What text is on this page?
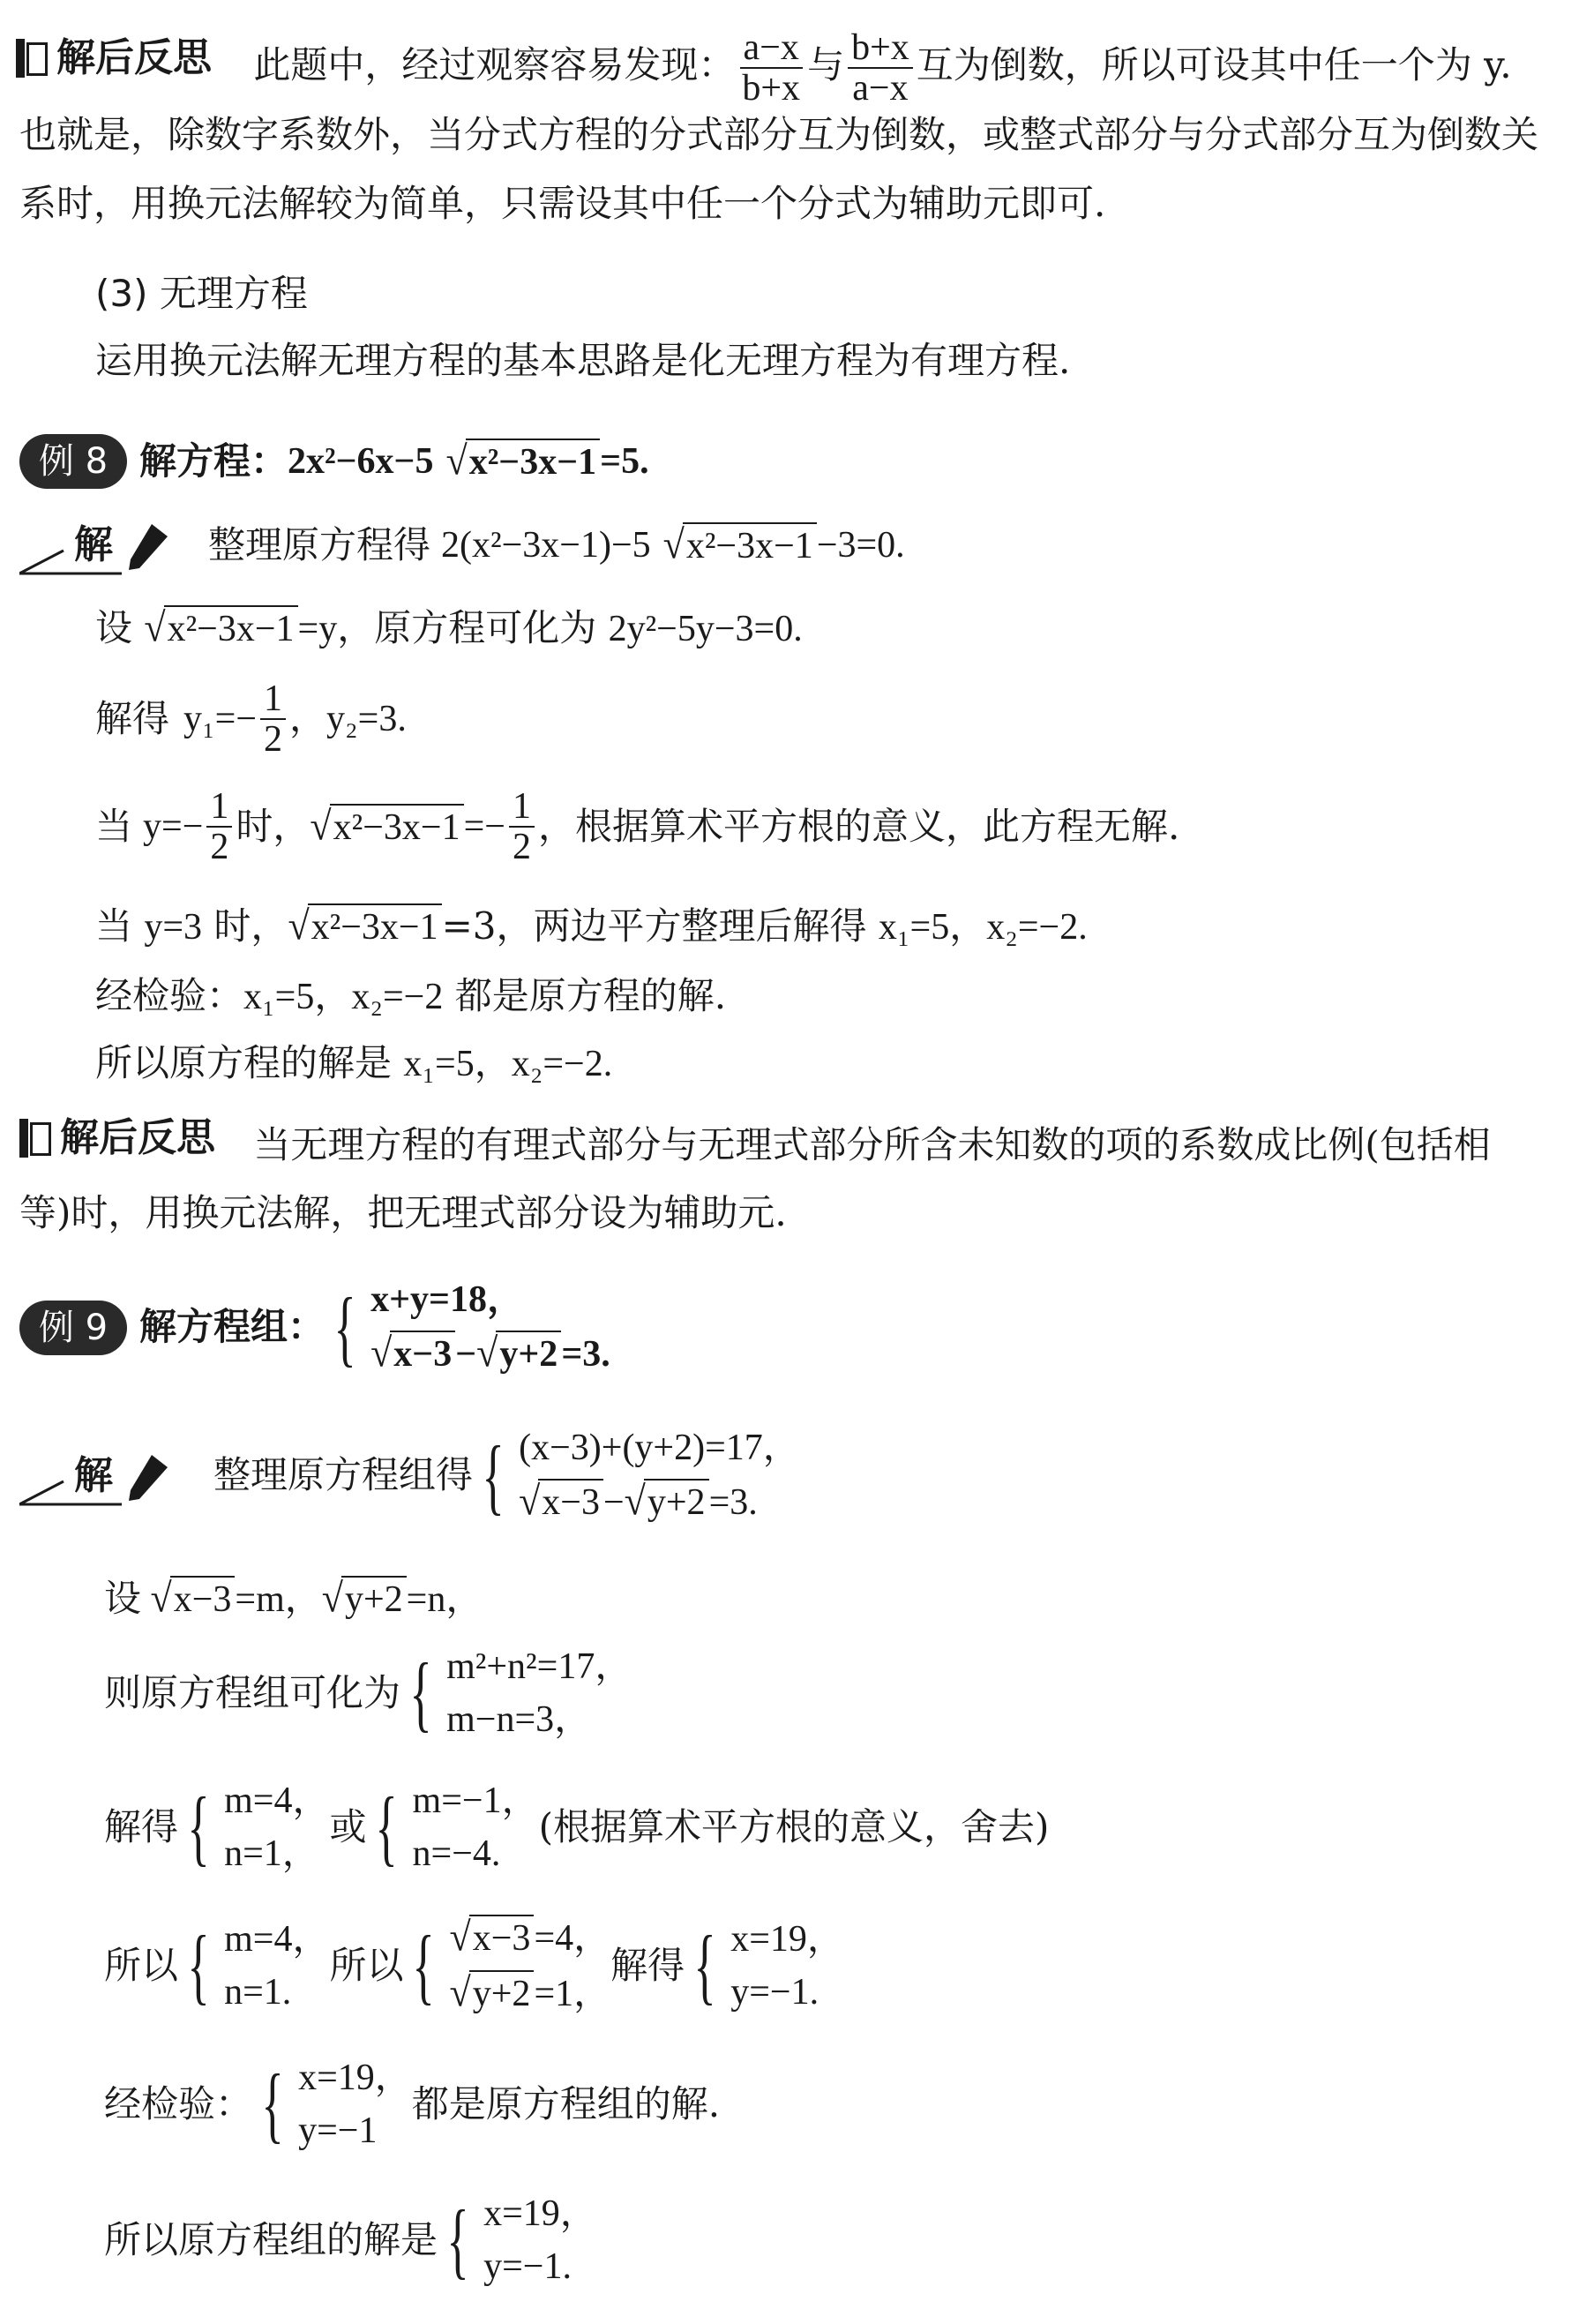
解后反思 此题中，经过观察容易发现： $\frac{a-x}{b+x}$ 与 $\frac{b+x}{a-x}$ 互为倒数，所以可设其中任一个为 y.
也就是，除数字系数外，当分式方程的分式部分互为倒数，或整式部分与分式部分互为倒数关
系时，用换元法解较为简单，只需设其中任一个分式为辅助元即可.
(3) 无理方程
运用换元法解无理方程的基本思路是化无理方程为有理方程.
例 8 解方程： 2x²−6x−5 √ x²−3x−1 =5.
解	整理原方程得 2(x²−3x−1)−5 √ x²−3x−1 −3=0.
设 √ x²−3x−1 =y，原方程可化为 2y²−5y−3=0.
解得 $y_1=- \frac{1}{2}$ ，y₂=3.
当 $y=- \frac{1}{2}$ 时， √ $x^2-3x-1 =- \frac{1}{2}$ ，根据算术平方根的意义，此方程无解.
当 y=3 时， √ x²−3x−1 =3，两边平方整理后解得 x₁=5，x₂=−2.
经检验：x₁=5，x₂=−2 都是原方程的解.
所以原方程的解是 x₁=5，x₂=−2.
解后反思 当无理方程的有理式部分与无理式部分所含未知数的项的系数成比例(包括相
等)时，用换元法解，把无理式部分设为辅助元.
例 9 解方程组： { x+y=18，
√ x−3 − √ y+2 =3.
解	整理原方程组得 { (x−3)+(y+2)=17，
√ x−3 − √ y+2 =3.
设 √ x−3 =m， √ y+2 =n，
则原方程组可化为 { m²+n²=17，
m−n=3，
解得 { m=4，
n=1，
或 { m=−1，
n=−4.
(根据算术平方根的意义，舍去)
所以 { m=4，
n=1.
所以 { √ x−3 =4，
√ y+2 =1，
解得 { x=19，
y=−1.
经检验： { x=19，
y=−1
都是原方程组的解.
所以原方程组的解是 { x=19，
y=−1.
